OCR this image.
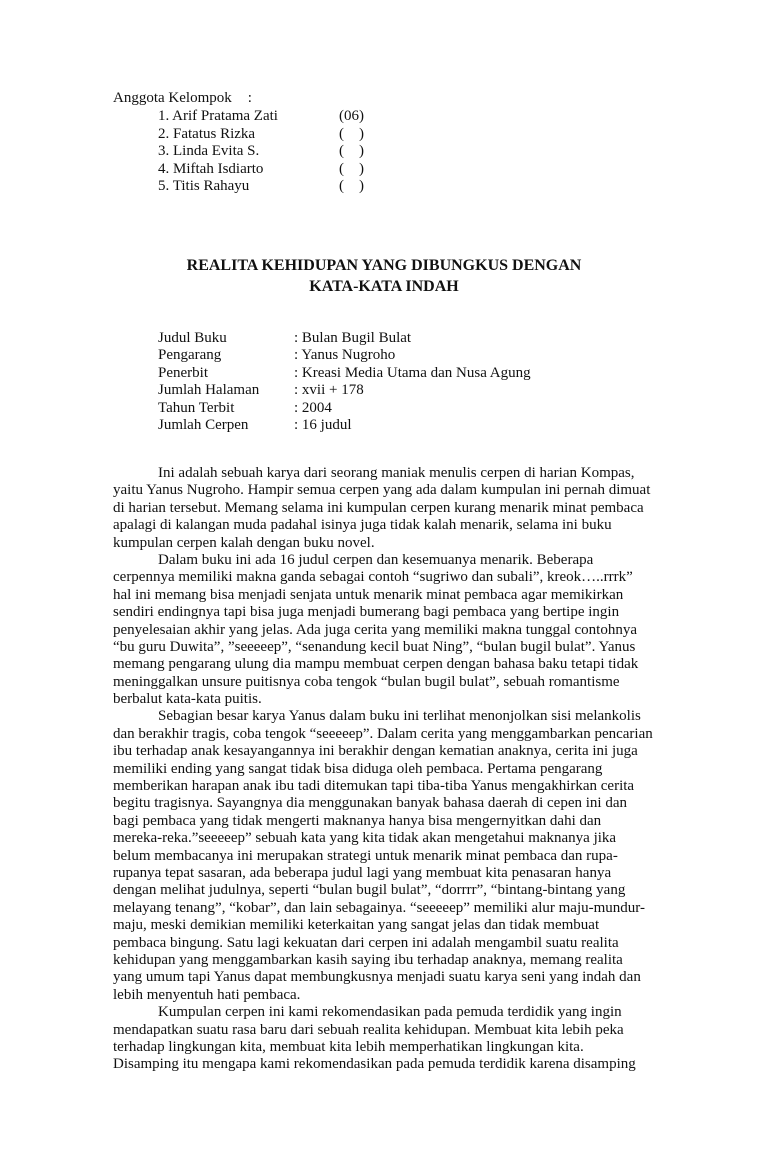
Anggota Kelompok :
1. Arif Pratama Zati	(06)
2. Fatatus Rizka	(    )
3. Linda Evita S.	(    )
4. Miftah Isdiarto	(    )
5. Titis Rahayu	(    )
REALITA KEHIDUPAN YANG DIBUNGKUS DENGAN
KATA-KATA INDAH
Judul Buku	: Bulan Bugil Bulat
Pengarang	: Yanus Nugroho
Penerbit	: Kreasi Media Utama dan Nusa Agung
Jumlah Halaman : xvii + 178
Tahun Terbit	: 2004
Jumlah Cerpen	: 16 judul
Ini adalah sebuah karya dari seorang maniak menulis cerpen di harian Kompas,
yaitu Yanus Nugroho. Hampir semua cerpen yang ada dalam kumpulan ini pernah dimuat
di harian tersebut. Memang selama ini kumpulan cerpen kurang menarik minat pembaca
apalagi di kalangan muda padahal isinya juga tidak kalah menarik, selama ini buku
kumpulan cerpen kalah dengan buku novel.
Dalam buku ini ada 16 judul cerpen dan kesemuanya menarik. Beberapa
cerpennya memiliki makna ganda sebagai contoh “sugriwo dan subali”, kreok…..rrrk”
hal ini memang bisa menjadi senjata untuk menarik minat pembaca agar memikirkan
sendiri endingnya tapi bisa juga menjadi bumerang bagi pembaca yang bertipe ingin
penyelesaian akhir yang jelas. Ada juga cerita yang memiliki makna tunggal contohnya
“bu guru Duwita”, ”seeeeep”, “senandung kecil buat Ning”, “bulan bugil bulat”. Yanus
memang pengarang ulung dia mampu membuat cerpen dengan bahasa baku tetapi tidak
meninggalkan unsure puitisnya coba tengok “bulan bugil bulat”, sebuah romantisme
berbalut kata-kata puitis.
Sebagian besar karya Yanus dalam buku ini terlihat menonjolkan sisi melankolis
dan berakhir tragis, coba tengok “seeeeep”. Dalam cerita yang menggambarkan pencarian
ibu terhadap anak kesayangannya ini berakhir dengan kematian anaknya, cerita ini juga
memiliki ending yang sangat tidak bisa diduga oleh pembaca. Pertama pengarang
memberikan harapan anak ibu tadi ditemukan tapi tiba-tiba Yanus mengakhirkan cerita
begitu tragisnya. Sayangnya dia menggunakan banyak bahasa daerah di cepen ini dan
bagi pembaca yang tidak mengerti maknanya hanya bisa mengernyitkan dahi dan
mereka-reka.”seeeeep” sebuah kata yang kita tidak akan mengetahui maknanya jika
belum membacanya ini merupakan strategi untuk menarik minat pembaca dan rupa-
rupanya tepat sasaran, ada beberapa judul lagi yang membuat kita penasaran hanya
dengan melihat judulnya, seperti “bulan bugil bulat”, “dorrrr”, “bintang-bintang yang
melayang tenang”, “kobar”, dan lain sebagainya. “seeeeep” memiliki alur maju-mundur-
maju, meski demikian memiliki keterkaitan yang sangat jelas dan tidak membuat
pembaca bingung. Satu lagi kekuatan dari cerpen ini adalah mengambil suatu realita
kehidupan yang menggambarkan kasih saying ibu terhadap anaknya, memang realita
yang umum tapi Yanus dapat membungkusnya menjadi suatu karya seni yang indah dan
lebih menyentuh hati pembaca.
Kumpulan cerpen ini kami rekomendasikan pada pemuda terdidik yang ingin
mendapatkan suatu rasa baru dari sebuah realita kehidupan. Membuat kita lebih peka
terhadap lingkungan kita, membuat kita lebih memperhatikan lingkungan kita.
Disamping itu mengapa kami rekomendasikan pada pemuda terdidik karena disamping
